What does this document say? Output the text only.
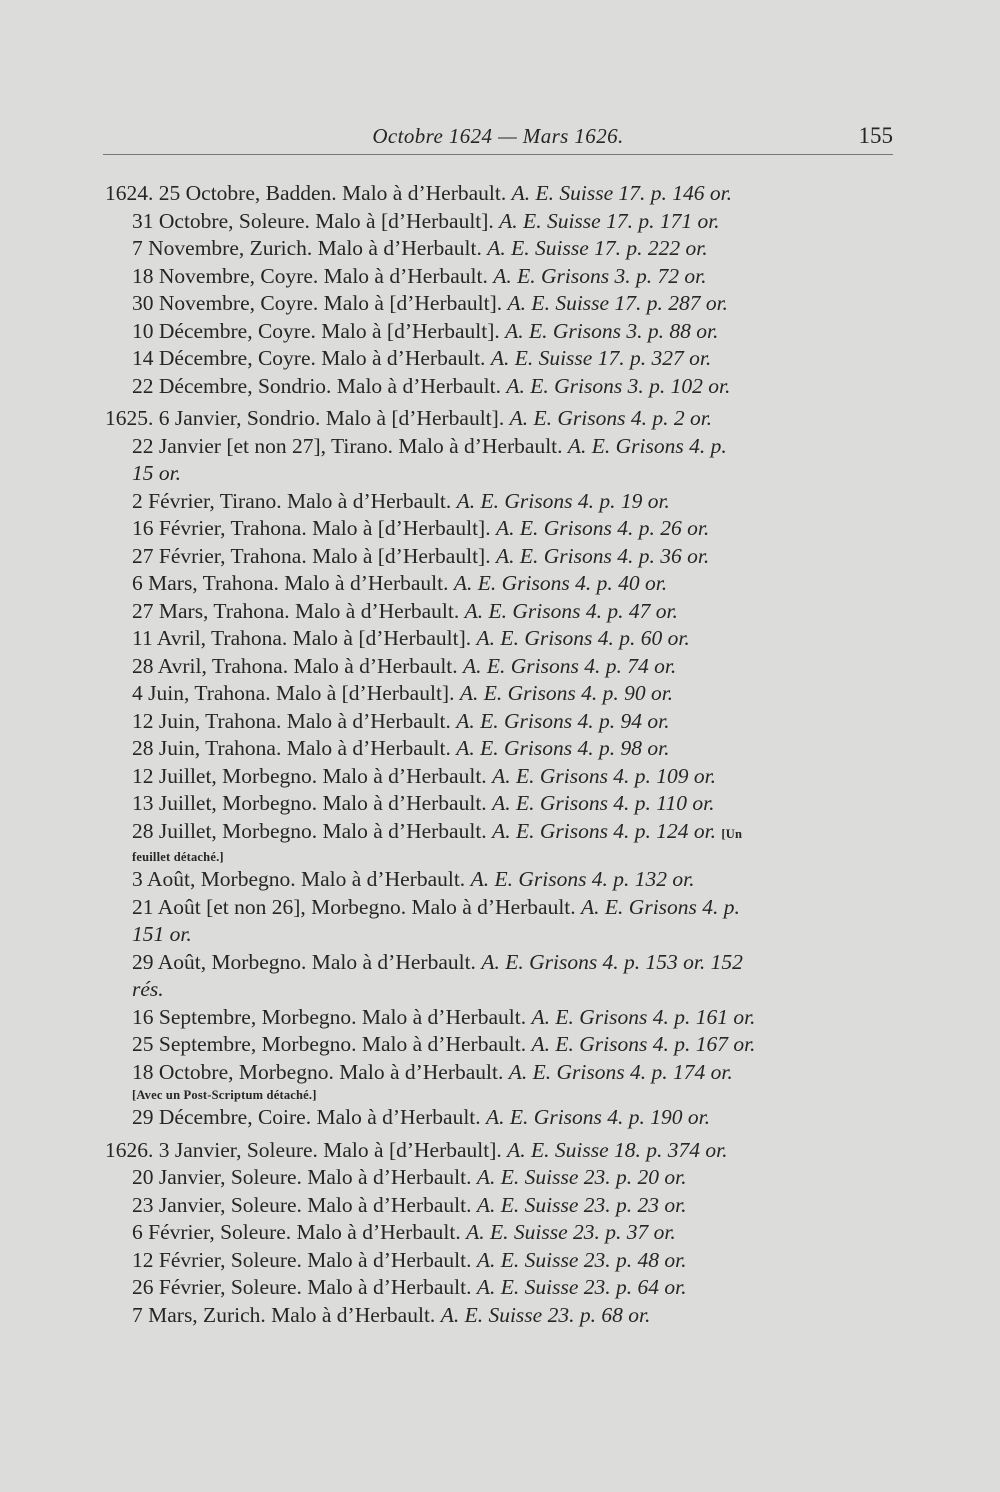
Octobre 1624 — Mars 1626.	155
1624. 25 Octobre, Badden. Malo à d’Herbault. A. E. Suisse 17. p. 146 or.
31 Octobre, Soleure. Malo à [d’Herbault]. A. E. Suisse 17. p. 171 or.
7 Novembre, Zurich. Malo à d’Herbault. A. E. Suisse 17. p. 222 or.
18 Novembre, Coyre. Malo à d’Herbault. A. E. Grisons 3. p. 72 or.
30 Novembre, Coyre. Malo à [d’Herbault]. A. E. Suisse 17. p. 287 or.
10 Décembre, Coyre. Malo à [d’Herbault]. A. E. Grisons 3. p. 88 or.
14 Décembre, Coyre. Malo à d’Herbault. A. E. Suisse 17. p. 327 or.
22 Décembre, Sondrio. Malo à d’Herbault. A. E. Grisons 3. p. 102 or.
1625. 6 Janvier, Sondrio. Malo à [d’Herbault]. A. E. Grisons 4. p. 2 or.
22 Janvier [et non 27], Tirano. Malo à d’Herbault. A. E. Grisons 4. p.
15 or.
2 Février, Tirano. Malo à d’Herbault. A. E. Grisons 4. p. 19 or.
16 Février, Trahona. Malo à [d’Herbault]. A. E. Grisons 4. p. 26 or.
27 Février, Trahona. Malo à [d’Herbault]. A. E. Grisons 4. p. 36 or.
6 Mars, Trahona. Malo à d’Herbault. A. E. Grisons 4. p. 40 or.
27 Mars, Trahona. Malo à d’Herbault. A. E. Grisons 4. p. 47 or.
11 Avril, Trahona. Malo à [d’Herbault]. A. E. Grisons 4. p. 60 or.
28 Avril, Trahona. Malo à d’Herbault. A. E. Grisons 4. p. 74 or.
4 Juin, Trahona. Malo à [d’Herbault]. A. E. Grisons 4. p. 90 or.
12 Juin, Trahona. Malo à d’Herbault. A. E. Grisons 4. p. 94 or.
28 Juin, Trahona. Malo à d’Herbault. A. E. Grisons 4. p. 98 or.
12 Juillet, Morbegno. Malo à d’Herbault. A. E. Grisons 4. p. 109 or.
13 Juillet, Morbegno. Malo à d’Herbault. A. E. Grisons 4. p. 110 or.
28 Juillet, Morbegno. Malo à d’Herbault. A. E. Grisons 4. p. 124 or. [Un
feuillet détaché.]
3 Août, Morbegno. Malo à d’Herbault. A. E. Grisons 4. p. 132 or.
21 Août [et non 26], Morbegno. Malo à d’Herbault. A. E. Grisons 4. p.
151 or.
29 Août, Morbegno. Malo à d’Herbault. A. E. Grisons 4. p. 153 or. 152
rés.
16 Septembre, Morbegno. Malo à d’Herbault. A. E. Grisons 4. p. 161 or.
25 Septembre, Morbegno. Malo à d’Herbault. A. E. Grisons 4. p. 167 or.
18 Octobre, Morbegno. Malo à d’Herbault. A. E. Grisons 4. p. 174 or.
[Avec un Post-Scriptum détaché.]
29 Décembre, Coire. Malo à d’Herbault. A. E. Grisons 4. p. 190 or.
1626. 3 Janvier, Soleure. Malo à [d’Herbault]. A. E. Suisse 18. p. 374 or.
20 Janvier, Soleure. Malo à d’Herbault. A. E. Suisse 23. p. 20 or.
23 Janvier, Soleure. Malo à d’Herbault. A. E. Suisse 23. p. 23 or.
6 Février, Soleure. Malo à d’Herbault. A. E. Suisse 23. p. 37 or.
12 Février, Soleure. Malo à d’Herbault. A. E. Suisse 23. p. 48 or.
26 Février, Soleure. Malo à d’Herbault. A. E. Suisse 23. p. 64 or.
7 Mars, Zurich. Malo à d’Herbault. A. E. Suisse 23. p. 68 or.
